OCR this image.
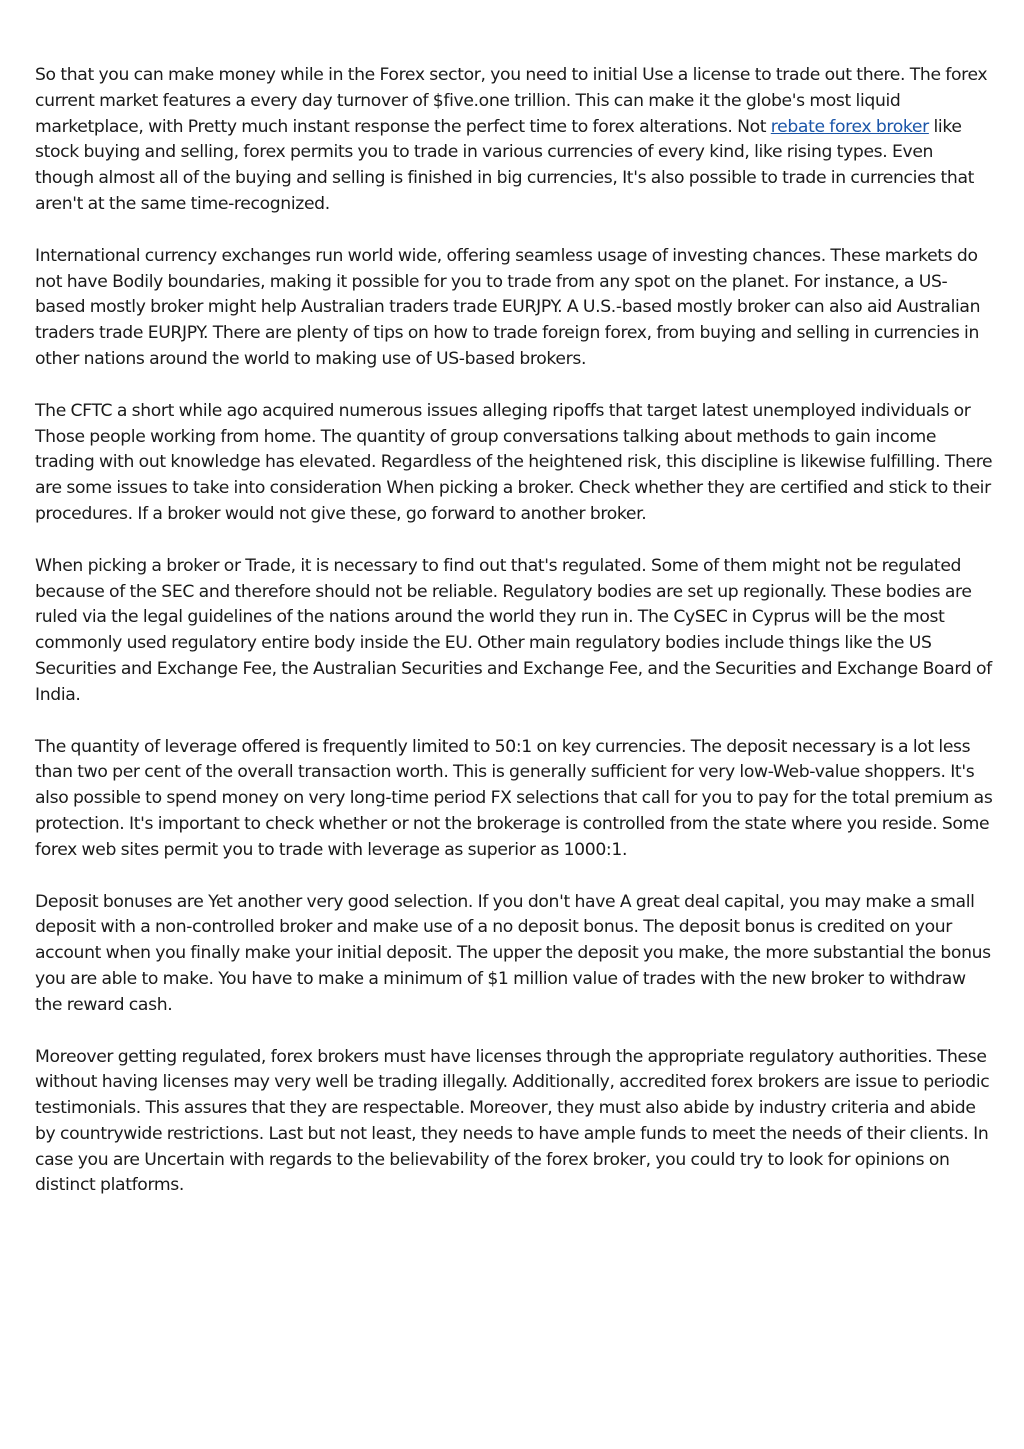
So that you can make money while in the Forex sector, you need to initial Use a license to trade out there. The forex current market features a every day turnover of $five.one trillion. This can make it the globe's most liquid marketplace, with Pretty much instant response the perfect time to forex alterations. Not rebate forex broker like stock buying and selling, forex permits you to trade in various currencies of every kind, like rising types. Even though almost all of the buying and selling is finished in big currencies, It's also possible to trade in currencies that aren't at the same time-recognized.

International currency exchanges run world wide, offering seamless usage of investing chances. These markets do not have Bodily boundaries, making it possible for you to trade from any spot on the planet. For instance, a US-based mostly broker might help Australian traders trade EURJPY. A U.S.-based mostly broker can also aid Australian traders trade EURJPY. There are plenty of tips on how to trade foreign forex, from buying and selling in currencies in other nations around the world to making use of US-based brokers.

The CFTC a short while ago acquired numerous issues alleging ripoffs that target latest unemployed individuals or Those people working from home. The quantity of group conversations talking about methods to gain income trading with out knowledge has elevated. Regardless of the heightened risk, this discipline is likewise fulfilling. There are some issues to take into consideration When picking a broker. Check whether they are certified and stick to their procedures. If a broker would not give these, go forward to another broker.

When picking a broker or Trade, it is necessary to find out that's regulated. Some of them might not be regulated because of the SEC and therefore should not be reliable. Regulatory bodies are set up regionally. These bodies are ruled via the legal guidelines of the nations around the world they run in. The CySEC in Cyprus will be the most commonly used regulatory entire body inside the EU. Other main regulatory bodies include things like the US Securities and Exchange Fee, the Australian Securities and Exchange Fee, and the Securities and Exchange Board of India.

The quantity of leverage offered is frequently limited to 50:1 on key currencies. The deposit necessary is a lot less than two per cent of the overall transaction worth. This is generally sufficient for very low-Web-value shoppers. It's also possible to spend money on very long-time period FX selections that call for you to pay for the total premium as protection. It's important to check whether or not the brokerage is controlled from the state where you reside. Some forex web sites permit you to trade with leverage as superior as 1000:1.

Deposit bonuses are Yet another very good selection. If you don't have A great deal capital, you may make a small deposit with a non-controlled broker and make use of a no deposit bonus. The deposit bonus is credited on your account when you finally make your initial deposit. The upper the deposit you make, the more substantial the bonus you are able to make. You have to make a minimum of $1 million value of trades with the new broker to withdraw the reward cash.

Moreover getting regulated, forex brokers must have licenses through the appropriate regulatory authorities. These without having licenses may very well be trading illegally. Additionally, accredited forex brokers are issue to periodic testimonials. This assures that they are respectable. Moreover, they must also abide by industry criteria and abide by countrywide restrictions. Last but not least, they needs to have ample funds to meet the needs of their clients. In case you are Uncertain with regards to the believability of the forex broker, you could try to look for opinions on distinct platforms.
